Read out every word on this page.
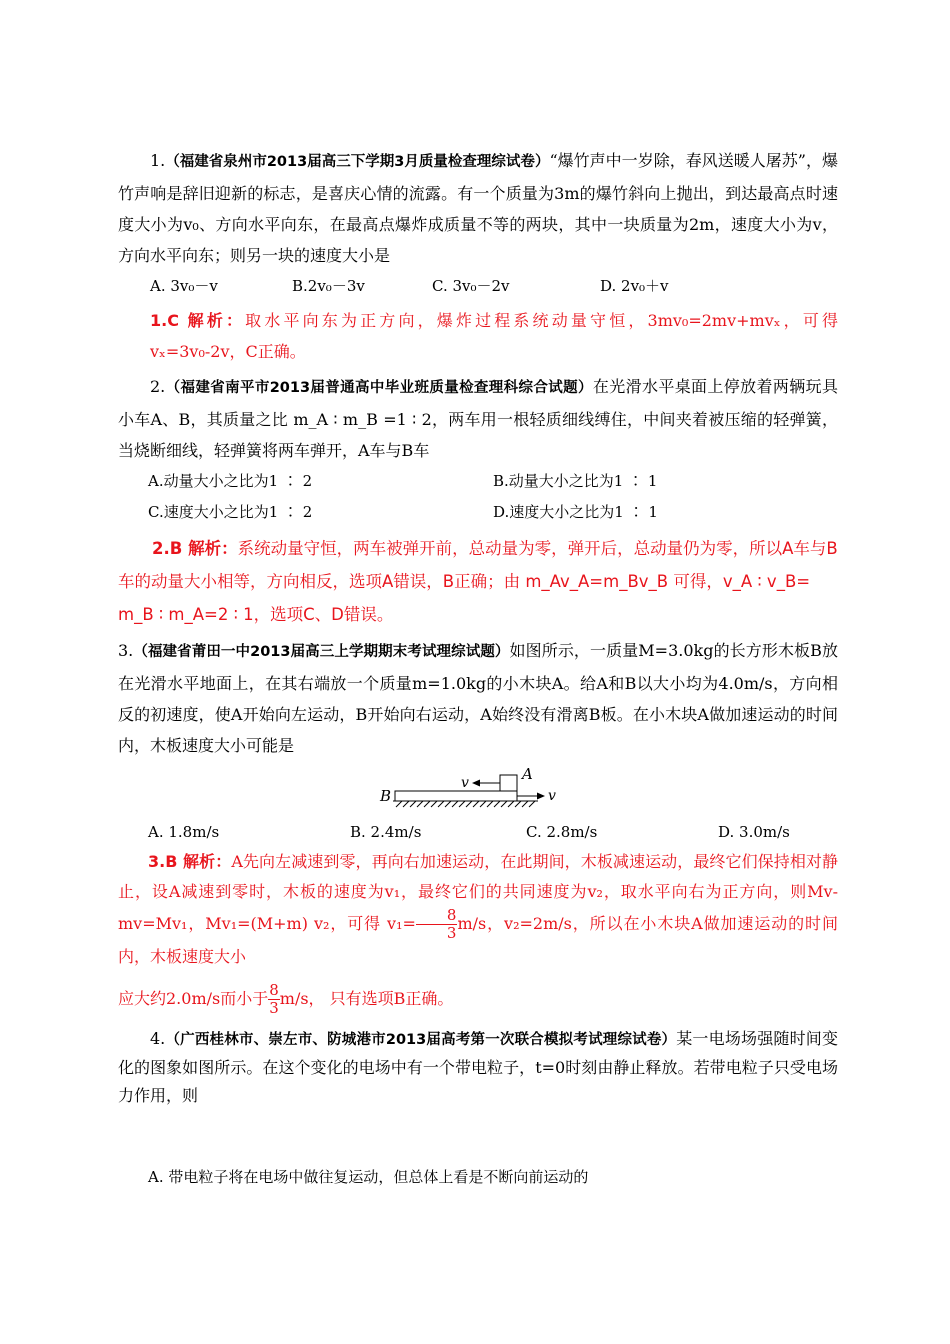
1.（福建省泉州市2013届高三下学期3月质量检查理综试卷）“爆竹声中一岁除，春风送暖人屠苏”，爆竹声响是辞旧迎新的标志，是喜庆心情的流露。有一个质量为3m的爆竹斜向上抛出，到达最高点时速度大小为v₀、方向水平向东，在最高点爆炸成质量不等的两块，其中一块质量为2m，速度大小为v，方向水平向东；则另一块的速度大小是

A. 3v₀－v	B.2v₀－3v	C. 3v₀－2v	D. 2v₀＋v

1.C 解析：取水平向东为正方向，爆炸过程系统动量守恒，3mv₀=2mv+mvₓ，可得 vₓ=3v₀-2v，C正确。

2.（福建省南平市2013届普通高中毕业班质量检查理科综合试题）在光滑水平桌面上停放着两辆玩具小车A、B，其质量之比 m_A ∶ m_B =1 ∶ 2，两车用一根轻质细线缚住，中间夹着被压缩的轻弹簧，当烧断细线，轻弹簧将两车弹开，A车与B车

A.动量大小之比为1 ∶ 2	B.动量大小之比为1 ∶ 1
C.速度大小之比为1 ∶ 2	D.速度大小之比为1 ∶ 1

2.B 解析：系统动量守恒，两车被弹开前，总动量为零，弹开后，总动量仍为零，所以A车与B车的动量大小相等，方向相反，选项A错误，B正确；由 m_Av_A=m_Bv_B 可得，v_A ∶ v_B= m_B ∶ m_A=2 ∶ 1，选项C、D错误。

3.（福建省莆田一中2013届高三上学期期末考试理综试题）如图所示，一质量M=3.0kg的长方形木板B放在光滑水平地面上，在其右端放一个质量m=1.0kg的小木块A。给A和B以大小均为4.0m/s，方向相反的初速度，使A开始向左运动，B开始向右运动，A始终没有滑离B板。在小木块A做加速运动的时间内，木板速度大小可能是

B
A
v
v
A. 1.8m/s	B. 2.4m/s	C. 2.8m/s	D. 3.0m/s

3.B 解析：A先向左减速到零，再向右加速运动，在此期间，木板减速运动，最终它们保持相对静止，设A减速到零时，木板的速度为v₁，最终它们的共同速度为v₂，取水平向右为正方向，则Mv-mv=Mv₁，Mv₁=(M+m) v₂，可得 $v_1= \frac{8}{3} m/s$，v₂=2m/s，所以在小木块A做加速运动的时间内，木板速度大小

应大约2.0m/s而小于 $\frac{8}{3} m/s$， 只有选项B正确。

4.（广西桂林市、崇左市、防城港市2013届高考第一次联合模拟考试理综试卷）某一电场场强随时间变化的图象如图所示。在这个变化的电场中有一个带电粒子，t=0时刻由静止释放。若带电粒子只受电场力作用，则

A. 带电粒子将在电场中做往复运动，但总体上看是不断向前运动的
